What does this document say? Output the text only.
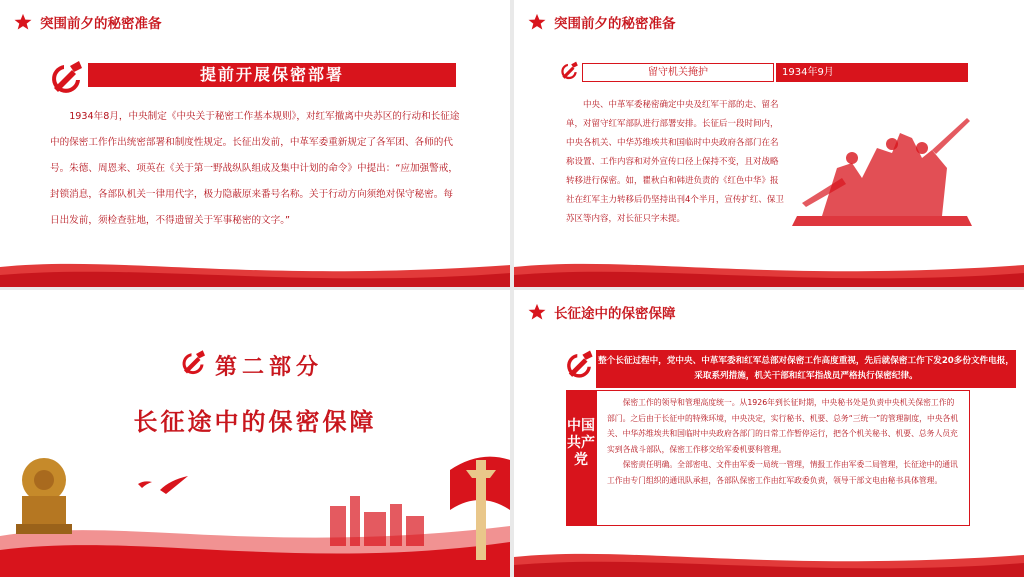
突围前夕的秘密准备
提前开展保密部署
1934年8月，中央制定《中央关于秘密工作基本规则》，对红军撤离中央苏区的行动和长征途中的保密工作作出统密部署和制度性规定。长征出发前，中革军委重新规定了各军团、各师的代号。朱德、周恩来、项英在《关于第一野战纵队组成及集中计划的命令》中提出：“应加强警戒，封锁消息，各部队机关一律用代字，极力隐蔽原来番号名称。关于行动方向须绝对保守秘密。每日出发前，须检查驻地，不得遗留关于军事秘密的文字。”
突围前夕的秘密准备
留守机关掩护	1934年9月
中央、中革军委秘密确定中央及红军干部的走、留名单，对留守红军部队进行部署安排。长征后一段时间内，中央各机关、中华苏维埃共和国临时中央政府各部门在名称设置、工作内容和对外宣传口径上保持不变，且对战略转移进行保密。如，瞿秋白和韩进负责的《红色中华》报社在红军主力转移后仍坚持出刊4个半月，宣传扩红、保卫苏区等内容，对长征只字未提。
第二部分
长征途中的保密保障
长征途中的保密保障
整个长征过程中，党中央、中革军委和红军总部对保密工作高度重视，先后就保密工作下发20多份文件电报，采取系列措施，机关干部和红军指战员严格执行保密纪律。
中国共产党

保密工作的领导和管理高度统一。从1926年到长征时期，中央秘书处是负责中央机关保密工作的部门。之后由于长征中的特殊环境，中央决定，实行秘书、机要、总务“三统一”的管理制度，中央各机关、中华苏维埃共和国临时中央政府各部门的日常工作暂停运行，把各个机关秘书、机要、总务人员充实到各战斗部队，保密工作移交给军委机要科管理。

保密责任明确。全部密电、文件由军委一局统一管理，情报工作由军委二局管理，长征途中的通讯工作由专门组织的通讯队承担，各部队保密工作由红军政委负责，领导干部文电由秘书具体管理。
